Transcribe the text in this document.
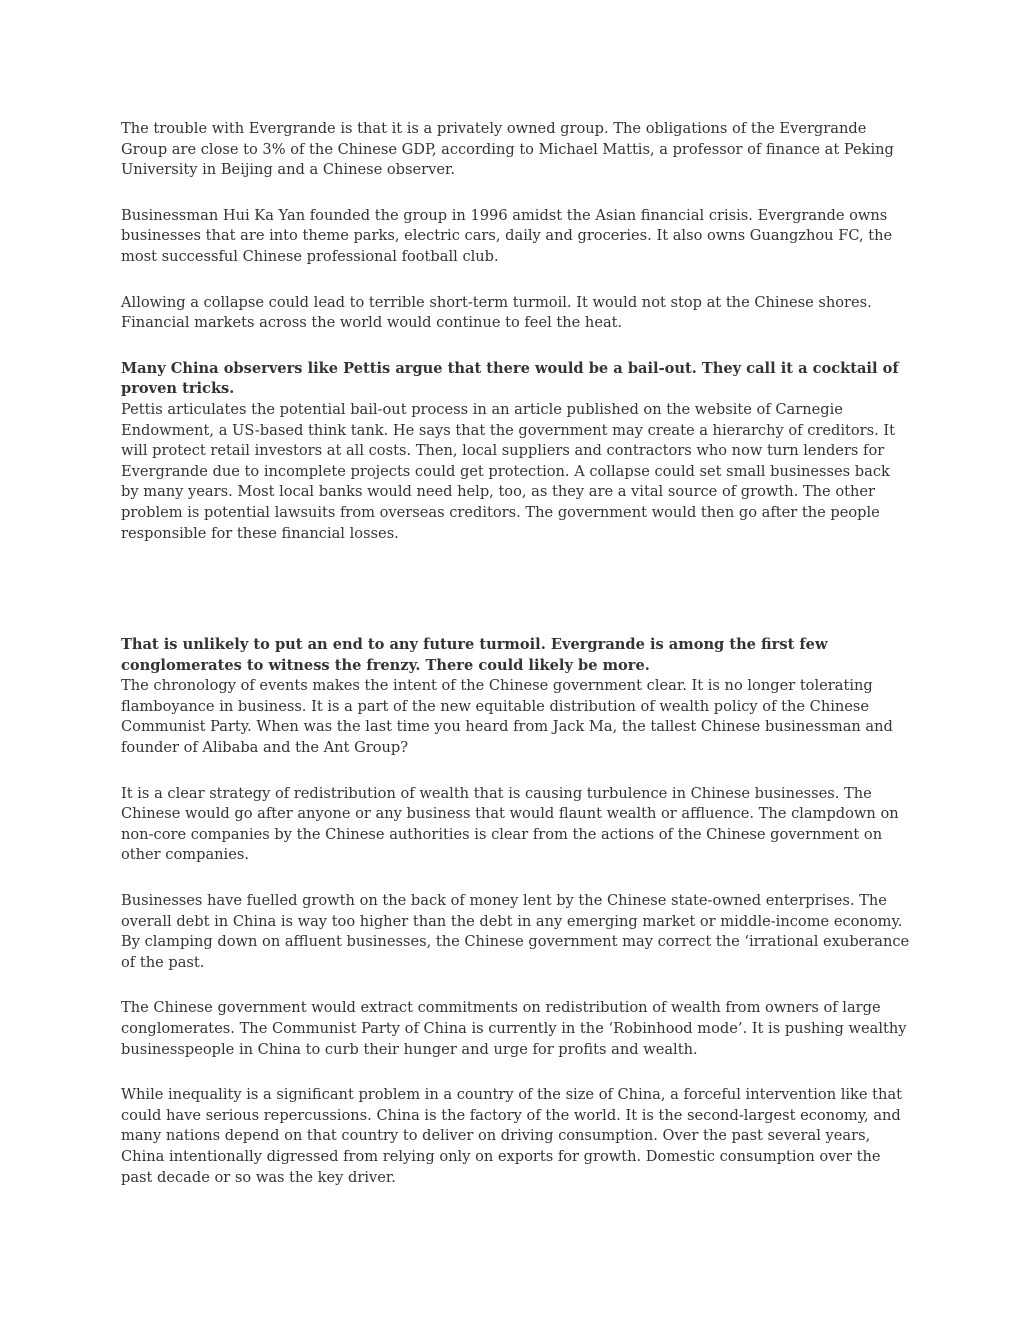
The trouble with Evergrande is that it is a privately owned group. The obligations of the Evergrande Group are close to 3% of the Chinese GDP, according to Michael Mattis, a professor of finance at Peking University in Beijing and a Chinese observer.

Businessman Hui Ka Yan founded the group in 1996 amidst the Asian financial crisis. Evergrande owns businesses that are into theme parks, electric cars, daily and groceries. It also owns Guangzhou FC, the most successful Chinese professional football club.

Allowing a collapse could lead to terrible short-term turmoil. It would not stop at the Chinese shores. Financial markets across the world would continue to feel the heat.

Many China observers like Pettis argue that there would be a bail-out. They call it a cocktail of proven tricks.

Pettis articulates the potential bail-out process in an article published on the website of Carnegie Endowment, a US-based think tank. He says that the government may create a hierarchy of creditors. It will protect retail investors at all costs. Then, local suppliers and contractors who now turn lenders for Evergrande due to incomplete projects could get protection. A collapse could set small businesses back by many years. Most local banks would need help, too, as they are a vital source of growth. The other problem is potential lawsuits from overseas creditors. The government would then go after the people responsible for these financial losses.

That is unlikely to put an end to any future turmoil. Evergrande is among the first few conglomerates to witness the frenzy. There could likely be more.

The chronology of events makes the intent of the Chinese government clear. It is no longer tolerating flamboyance in business. It is a part of the new equitable distribution of wealth policy of the Chinese Communist Party. When was the last time you heard from Jack Ma, the tallest Chinese businessman and founder of Alibaba and the Ant Group?

It is a clear strategy of redistribution of wealth that is causing turbulence in Chinese businesses. The Chinese would go after anyone or any business that would flaunt wealth or affluence. The clampdown on non-core companies by the Chinese authorities is clear from the actions of the Chinese government on other companies.

Businesses have fuelled growth on the back of money lent by the Chinese state-owned enterprises. The overall debt in China is way too higher than the debt in any emerging market or middle-income economy. By clamping down on affluent businesses, the Chinese government may correct the ‘irrational exuberance of the past.

The Chinese government would extract commitments on redistribution of wealth from owners of large conglomerates. The Communist Party of China is currently in the ‘Robinhood mode’. It is pushing wealthy businesspeople in China to curb their hunger and urge for profits and wealth.

While inequality is a significant problem in a country of the size of China, a forceful intervention like that could have serious repercussions. China is the factory of the world. It is the second-largest economy, and many nations depend on that country to deliver on driving consumption. Over the past several years, China intentionally digressed from relying only on exports for growth. Domestic consumption over the past decade or so was the key driver.
